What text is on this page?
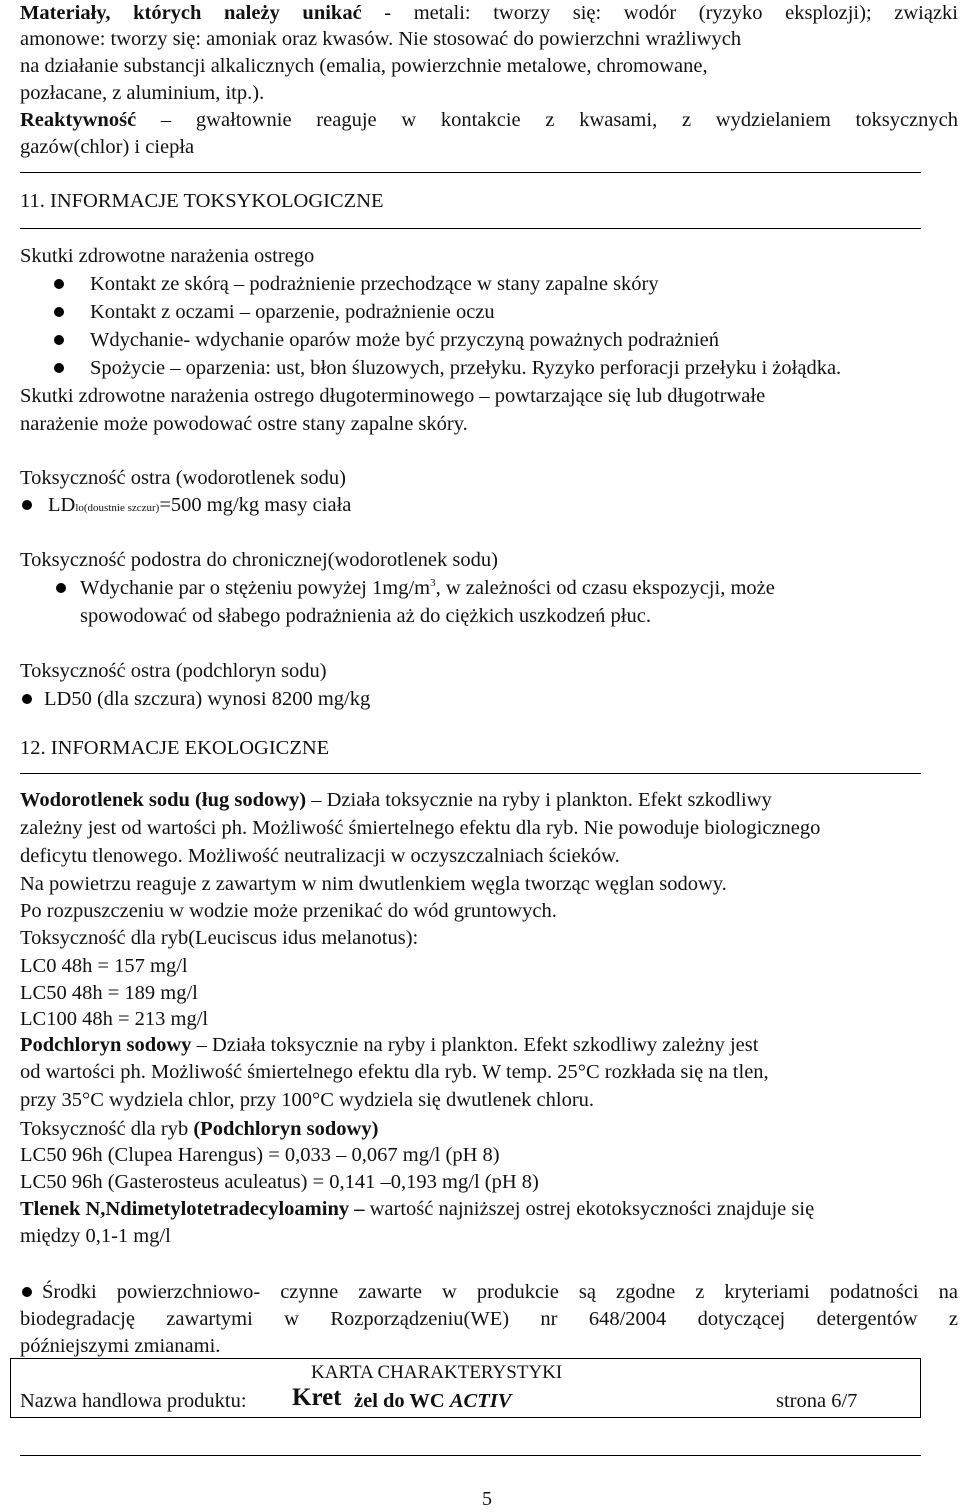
Materiały, których należy unikać - metali: tworzy się: wodór (ryzyko eksplozji); związki
amonowe: tworzy się: amoniak oraz kwasów. Nie stosować do powierzchni wrażliwych
na działanie substancji alkalicznych (emalia, powierzchnie metalowe, chromowane,
pozłacane, z aluminium, itp.).
Reaktywność – gwałtownie reaguje w kontakcie z kwasami, z wydzielaniem toksycznych
gazów(chlor) i ciepła
11. INFORMACJE TOKSYKOLOGICZNE
Skutki zdrowotne narażenia ostrego
Kontakt ze skórą – podrażnienie przechodzące w stany zapalne skóry
Kontakt z oczami – oparzenie, podrażnienie oczu
Wdychanie- wdychanie oparów może być przyczyną poważnych podrażnień
Spożycie – oparzenia: ust, błon śluzowych, przełyku. Ryzyko perforacji przełyku i żołądka.
Skutki zdrowotne narażenia ostrego długoterminowego – powtarzające się lub długotrwałe
narażenie może powodować ostre stany zapalne skóry.
Toksyczność ostra (wodorotlenek sodu)
LDlo(doustnie szczur)=500 mg/kg masy ciała
Toksyczność podostra do chronicznej(wodorotlenek sodu)
Wdychanie par o stężeniu powyżej $1mg/m^3$, w zależności od czasu ekspozycji, może
spowodować od słabego podrażnienia aż do ciężkich uszkodzeń płuc.
Toksyczność ostra (podchloryn sodu)
LD50 (dla szczura) wynosi 8200 mg/kg
12. INFORMACJE EKOLOGICZNE
Wodorotlenek sodu (ług sodowy) – Działa toksycznie na ryby i plankton. Efekt szkodliwy
zależny jest od wartości ph. Możliwość śmiertelnego efektu dla ryb. Nie powoduje biologicznego
deficytu tlenowego. Możliwość neutralizacji w oczyszczalniach ścieków.
Na powietrzu reaguje z zawartym w nim dwutlenkiem węgla tworząc węglan sodowy.
Po rozpuszczeniu w wodzie może przenikać do wód gruntowych.
Toksyczność dla ryb(Leuciscus idus melanotus):
LC0 48h = 157 mg/l
LC50 48h = 189 mg/l
LC100 48h = 213 mg/l
Podchloryn sodowy – Działa toksycznie na ryby i plankton. Efekt szkodliwy zależny jest
od wartości ph. Możliwość śmiertelnego efektu dla ryb. W temp. 25°C rozkłada się na tlen,
przy 35°C wydziela chlor, przy 100°C wydziela się dwutlenek chloru.
Toksyczność dla ryb (Podchloryn sodowy)
LC50 96h (Clupea Harengus) = 0,033 – 0,067 mg/l (pH 8)
LC50 96h (Gasterosteus aculeatus) = 0,141 –0,193 mg/l (pH 8)
Tlenek N,Ndimetylotetradecyloaminy – wartość najniższej ostrej ekotoksyczności znajduje się
między 0,1-1 mg/l
Środki powierzchniowo- czynne zawarte w produkcie są zgodne z kryteriami podatności na
biodegradację zawartymi w Rozporządzeniu(WE) nr 648/2004 dotyczącej detergentów z
późniejszymi zmianami.
KARTA CHARAKTERYSTYKI
Nazwa handlowa produktu: Kret żel do WC ACTIV	strona 6/7
5
